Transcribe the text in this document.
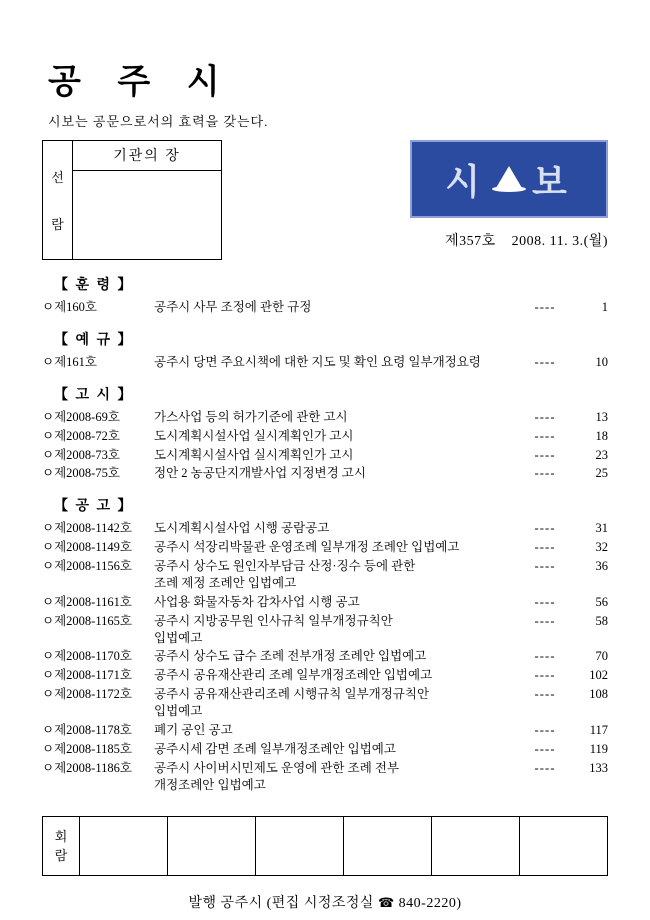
공 주 시
시보는 공문으로서의 효력을 갖는다.
선
람
기관의 장
시 보
제357호 2008. 11. 3.(월)
【 훈 령 】
ㅇ제160호	공주시 사무 조정에 관한 규정	- - - -	1
【 예 규 】
ㅇ제161호	공주시 당면 주요시책에 대한 지도 및 확인 요령 일부개정요령	- - - -	10
【 고 시 】
ㅇ제2008-69호	가스사업 등의 허가기준에 관한 고시	- - - -	13
ㅇ제2008-72호	도시계획시설사업 실시계획인가 고시	- - - -	18
ㅇ제2008-73호	도시계획시설사업 실시계획인가 고시	- - - -	23
ㅇ제2008-75호	정안 2 농공단지개발사업 지정변경 고시	- - - -	25
【 공 고 】
ㅇ제2008-1142호	도시계획시설사업 시행 공람공고	- - - -	31
ㅇ제2008-1149호	공주시 석장리박물관 운영조례 일부개정 조례안 입법예고	- - - -	32
ㅇ제2008-1156호	공주시 상수도 원인자부담금 산정·징수 등에 관한
조례 제정 조례안 입법예고	- - - -	36
ㅇ제2008-1161호	사업용 화물자동차 감차사업 시행 공고	- - - -	56
ㅇ제2008-1165호	공주시 지방공무원 인사규칙 일부개정규칙안
입법예고	- - - -	58
ㅇ제2008-1170호	공주시 상수도 급수 조례 전부개정 조례안 입법예고	- - - -	70
ㅇ제2008-1171호	공주시 공유재산관리 조례 일부개정조례안 입법예고	- - - -	102
ㅇ제2008-1172호	공주시 공유재산관리조례 시행규칙 일부개정규칙안
입법예고	- - - -	108
ㅇ제2008-1178호	폐기 공인 공고	- - - -	117
ㅇ제2008-1185호	공주시세 감면 조례 일부개정조례안 입법예고	- - - -	119
ㅇ제2008-1186호	공주시 사이버시민제도 운영에 관한 조례 전부
개정조례안 입법예고	- - - -	133
회
람

발행 공주시 (편집 시정조정실 ☎ 840-2220)
